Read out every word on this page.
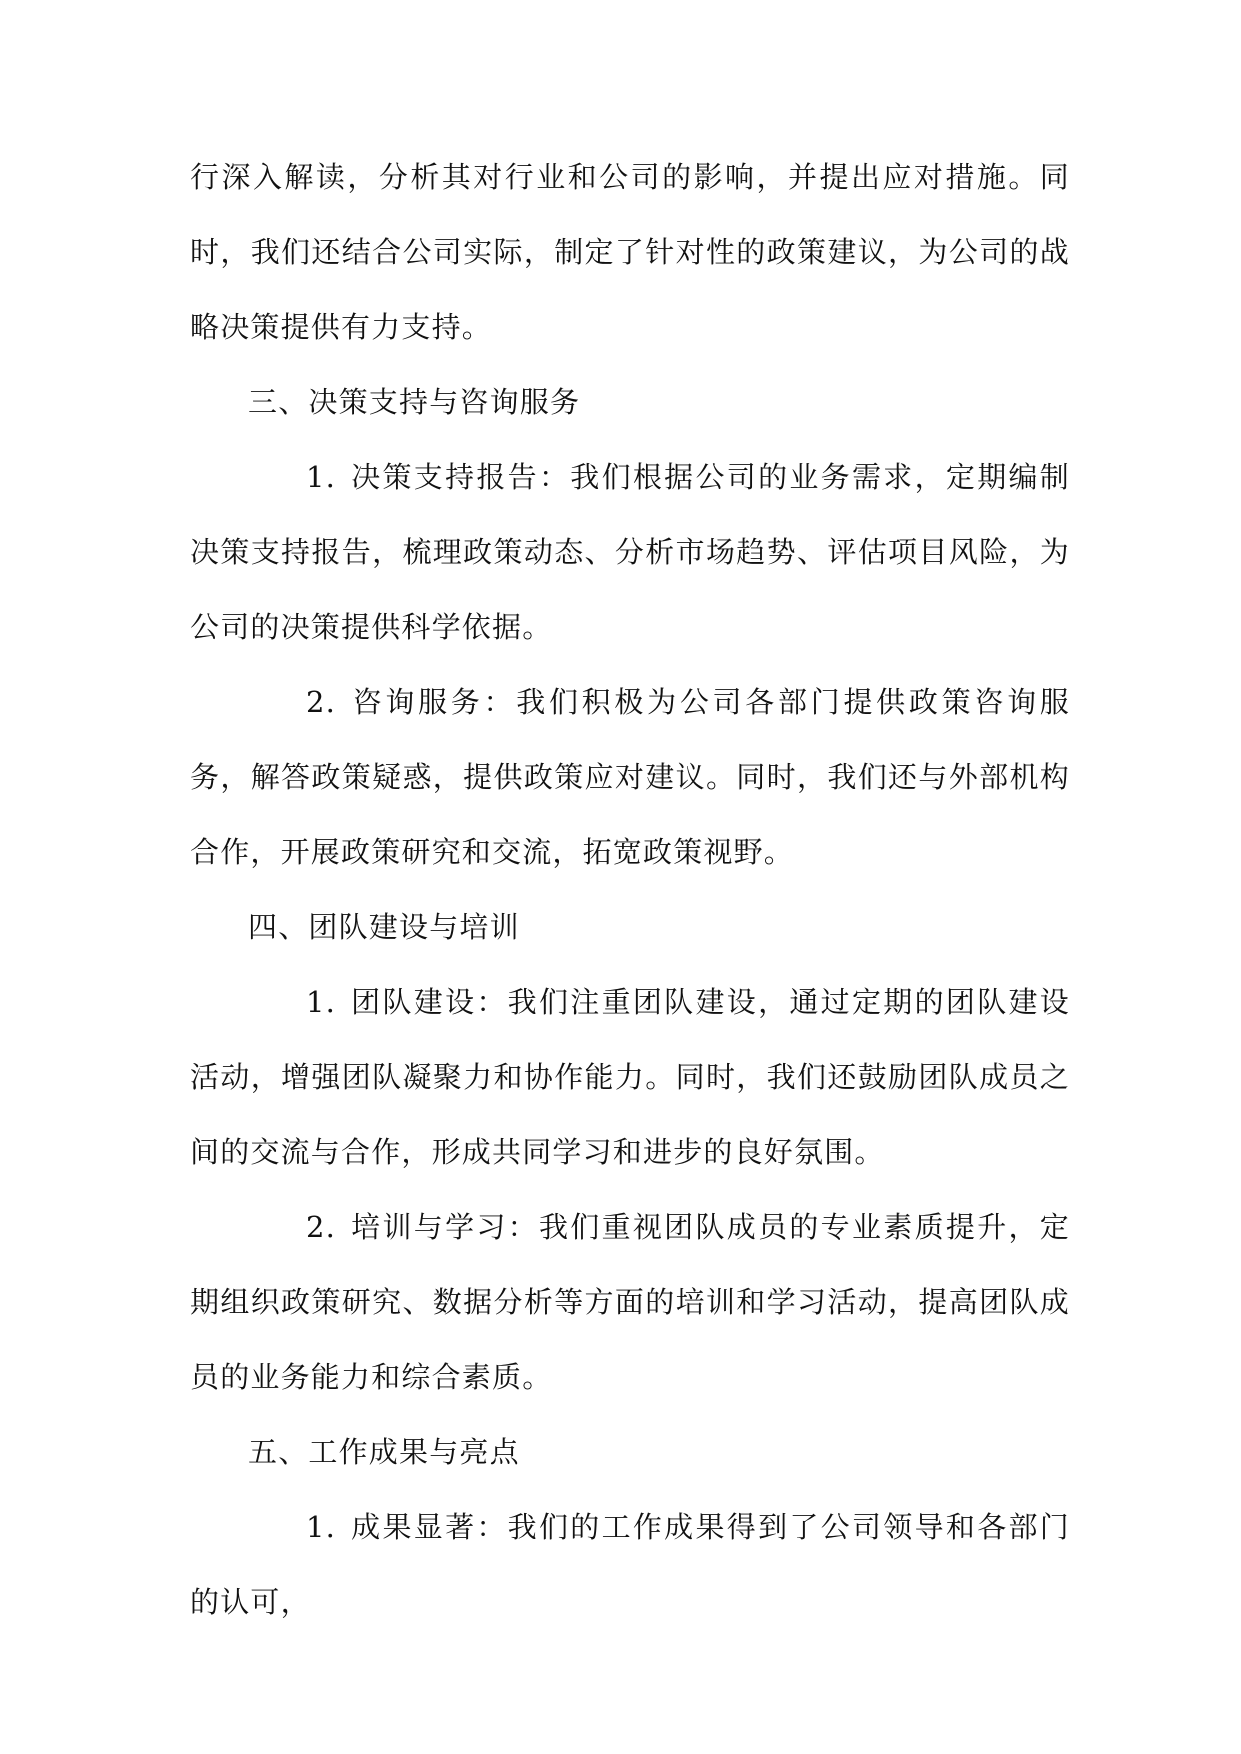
行深入解读，分析其对行业和公司的影响，并提出应对措施。同时，我们还结合公司实际，制定了针对性的政策建议，为公司的战略决策提供有力支持。

三、决策支持与咨询服务

1. 决策支持报告：我们根据公司的业务需求，定期编制决策支持报告，梳理政策动态、分析市场趋势、评估项目风险，为公司的决策提供科学依据。

2. 咨询服务：我们积极为公司各部门提供政策咨询服务，解答政策疑惑，提供政策应对建议。同时，我们还与外部机构合作，开展政策研究和交流，拓宽政策视野。

四、团队建设与培训

1. 团队建设：我们注重团队建设，通过定期的团队建设活动，增强团队凝聚力和协作能力。同时，我们还鼓励团队成员之间的交流与合作，形成共同学习和进步的良好氛围。

2. 培训与学习：我们重视团队成员的专业素质提升，定期组织政策研究、数据分析等方面的培训和学习活动，提高团队成员的业务能力和综合素质。

五、工作成果与亮点

1. 成果显著：我们的工作成果得到了公司领导和各部门的认可，
